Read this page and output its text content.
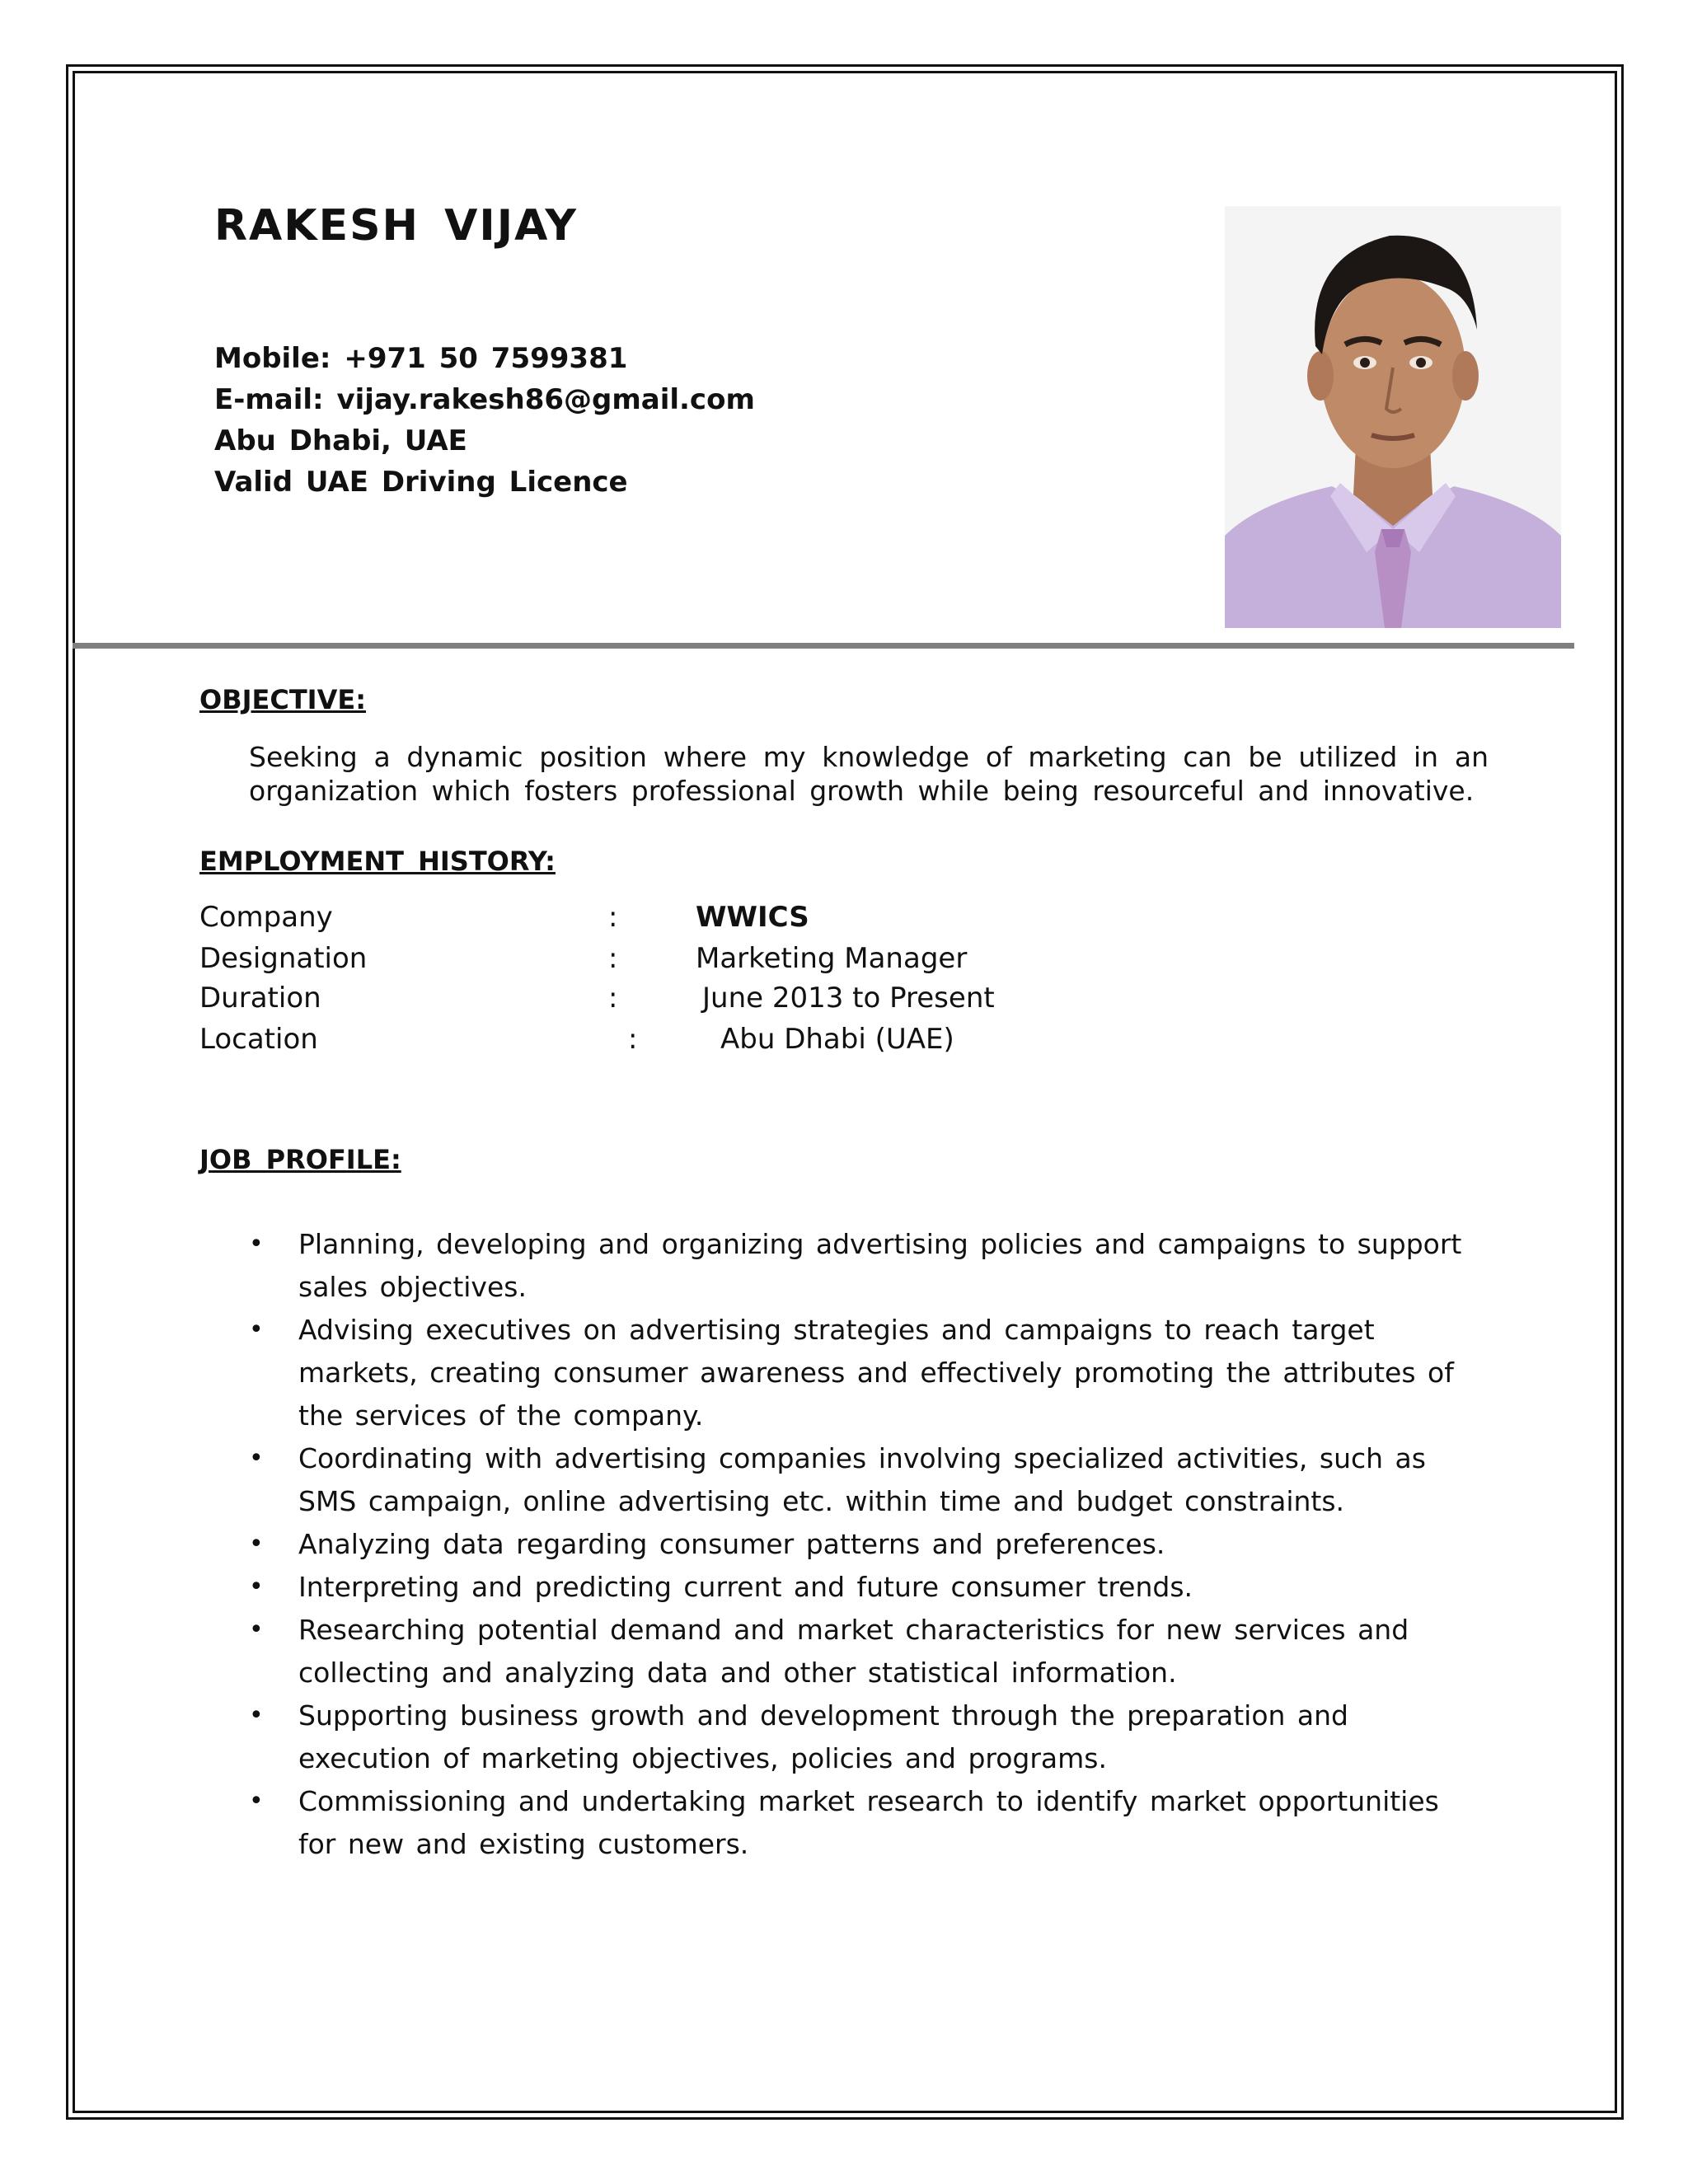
RAKESH VIJAY
Mobile: +971 50 7599381
E-mail: vijay.rakesh86@gmail.com
Abu Dhabi, UAE
Valid UAE Driving Licence
OBJECTIVE:
Seeking a dynamic position where my knowledge of marketing can be utilized in an organization which fosters professional growth while being resourceful and innovative.
EMPLOYMENT HISTORY:
Company	:	WWICS
Designation	:	Marketing Manager
Duration	:	June 2013 to Present
Location	:	Abu Dhabi (UAE)
JOB PROFILE:
• Planning, developing and organizing advertising policies and campaigns to support sales objectives.
• Advising executives on advertising strategies and campaigns to reach target markets, creating consumer awareness and effectively promoting the attributes of the services of the company.
• Coordinating with advertising companies involving specialized activities, such as SMS campaign, online advertising etc. within time and budget constraints.
• Analyzing data regarding consumer patterns and preferences.
• Interpreting and predicting current and future consumer trends.
• Researching potential demand and market characteristics for new services and collecting and analyzing data and other statistical information.
• Supporting business growth and development through the preparation and execution of marketing objectives, policies and programs.
• Commissioning and undertaking market research to identify market opportunities for new and existing customers.
